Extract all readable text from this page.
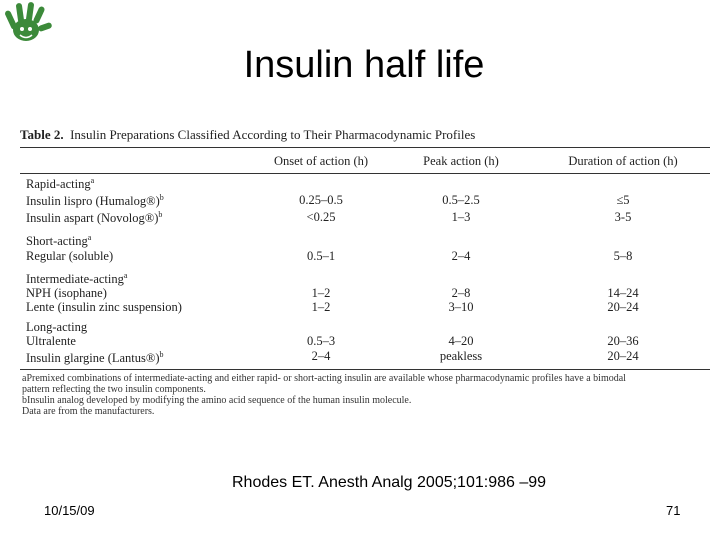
Insulin half life
Table 2. Insulin Preparations Classified According to Their Pharmacodynamic Profiles
	Onset of action (h)	Peak action (h)	Duration of action (h)
Rapid-acting$^a$			
Insulin lispro (Humalog®)$^b$	0.25–0.5	0.5–2.5	≤5
Insulin aspart (Novolog®)$^b$	<0.25	1–3	3-5

Short-acting$^a$			
Regular (soluble)	0.5–1	2–4	5–8

Intermediate-acting$^a$			
NPH (isophane)	1–2	2–8	14–24
Lente (insulin zinc suspension)	1–2	3–10	20–24

Long-acting			
Ultralente	0.5–3	4–20	20–36
Insulin glargine (Lantus®)$^b$	2–4	peakless	20–24
aPremixed combinations of intermediate-acting and either rapid- or short-acting insulin are available whose pharmacodynamic profiles have a bimodal
pattern reflecting the two insulin components.
bInsulin analog developed by modifying the amino acid sequence of the human insulin molecule.
Data are from the manufacturers.
Rhodes ET. Anesth Analg 2005;101:986 –99
10/15/09	71
